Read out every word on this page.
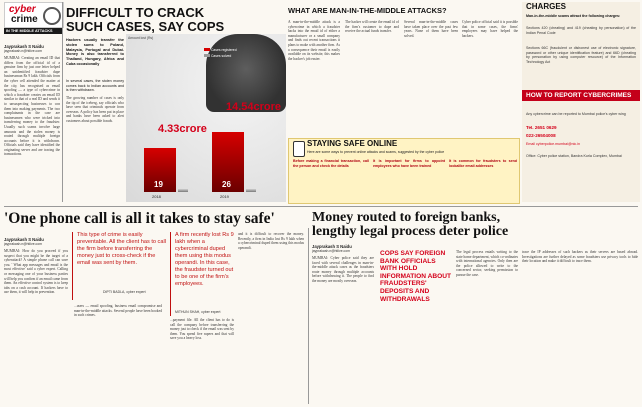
cyber
crime
IN THE MIDDLE ATTACKS
Jayprakash S Naidu
jayprakash.n@htlive.com
MUMBAI: Creating an email ID that differs from the official id of a genuine firm by just one letter helped an unidentified fraudster dupe businessman Rs 9 lakh. Officials from the cyber cell attended the matter at the city, has recognised as email spoofing — a type of cybercrime in which a fraudster creates an email ID similar to that of a real ID and sends it to unsuspecting businesses to con them into making payments. The two complainants in the case are businessmen who were tricked into transferring money to the fraudster. Usually such scams involve large amounts and the stolen money is routed through multiple foreign accounts before it is withdrawn. Officials said they have identified the originating server and are tracing the transactions.
DIFFICULT TO CRACK
SUCH CASES, SAY COPS
Hackers usually transfer the stolen sums to Poland, Malaysia, Portugal and Dubai. Money is also transferred to Thailand, Hungary, Africa and Cuba occasionally
In several cases, the stolen money comes back to Indian accounts and is then withdrawn.
The growing number of cases is only the tip of the iceberg, say officials who have seen that criminals operate from overseas. A policy has been put in place and banks have been asked to alert customers about possible frauds.
Cases registered
Cases solved
4.33crore
14.54crore
19	26
2018	2019
Amount lost (Rs)
WHAT ARE MAN-IN-THE-MIDDLE ATTACKS?
A man-in-the-middle attack is a cybercrime in which a fraudster hacks into the email id of either a manufacturer or a small company and finds out recent transactions it plans to make with another firm. As a consequence their email is easily available on its website, this makes the hacker's job easier.
The hacker will create the email id of the firm's customer to dupe and receive the actual funds transfer.
Several man-in-the-middle cases have taken place over the past few years. None of them have been solved.
Cyber police official said it is possible that in some cases, the firms' employees may have helped the hackers.
STAYING SAFE ONLINE
Here are some ways to prevent online attacks and scams, suggested by the cyber police
Before making a financial transaction, call the person and check the details
It is important for firms to appoint employees who have been trained
It is common for fraudsters to send lookalike email addresses
CHARGES
Man-in-the-middle scams attract the following charges:
Sections 420 (cheating) and 419 (cheating by personation) of the Indian Penal Code
Sections 66C (fraudulent or dishonest use of electronic signature, password or other unique identification feature) and 66D (cheating by personation by using computer resource) of the Information Technology Act
HOW TO REPORT CYBERCRIMES
Any cybercrime can be reported to Mumbai police's cyber wing
Tel. 2651 0629
022-26504008
Email cyberpolice.mumbai@nic.in
Office: Cyber police station, Bandra Kurla Complex, Mumbai
'One phone call is all it takes to stay safe'
Jayprakash S Naidu
jayprakash.n@htlive.com
MUMBAI: How do you proceed if you suspect that you might be the target of a cyberattack? A simple phone call can save you. ' What app messages and email is the most effective' said a cyber expert. Calling or messaging one of your business parties will help you confirm if an email came from them. An effective control system is to keep tabs on a cash account. If hackers have to use them, it will help in prevention.
This type of crime is easily preventable. All the client has to call the firm before transferring the money just to cross-check if the email was sent by them.
DIPTI BADLA, cyber expert
...users — email spoofing, business email compromise and man-in-the-middle attacks. Several people have been booked in such crimes.
A firm recently lost Rs 9 lakh when a cybercriminal duped them using this modus operandi. In this case, the fraudster turned out to be one of the firm's employees.
MITHUN SHAH, cyber expert
...payment file. All the client has to do is call the company before transferring the money just to check if the email was sent by them. You spend five rupees and that will save you a heavy loss.
and it is difficult to recover the money. Recently, a firm in India lost Rs 9 lakh when a cybercriminal duped them using this modus operandi.
Money routed to foreign banks,
lengthy legal process deter police
Jayprakash S Naidu
jayprakash.n@htlive.com
MUMBAI: Cyber police said they are faced with several challenges in man-in-the-middle attack cases as the fraudsters route money through multiple accounts before withdrawing it. The people to find the money are mostly overseas.
COPS SAY FOREIGN BANK OFFICIALS WITH HOLD INFORMATION ABOUT FRAUDSTERS' DEPOSITS AND WITHDRAWALS
The legal process entails writing to the state home department, which co-ordinates with international agencies. Only then are the police allowed to write to the concerned sector, seeking permission to pursue the case.
trace the IP addresses of such hackers as their servers are based abroad. Investigations are further delayed as some fraudsters use privacy tools to hide their location and make it difficult to trace them.
